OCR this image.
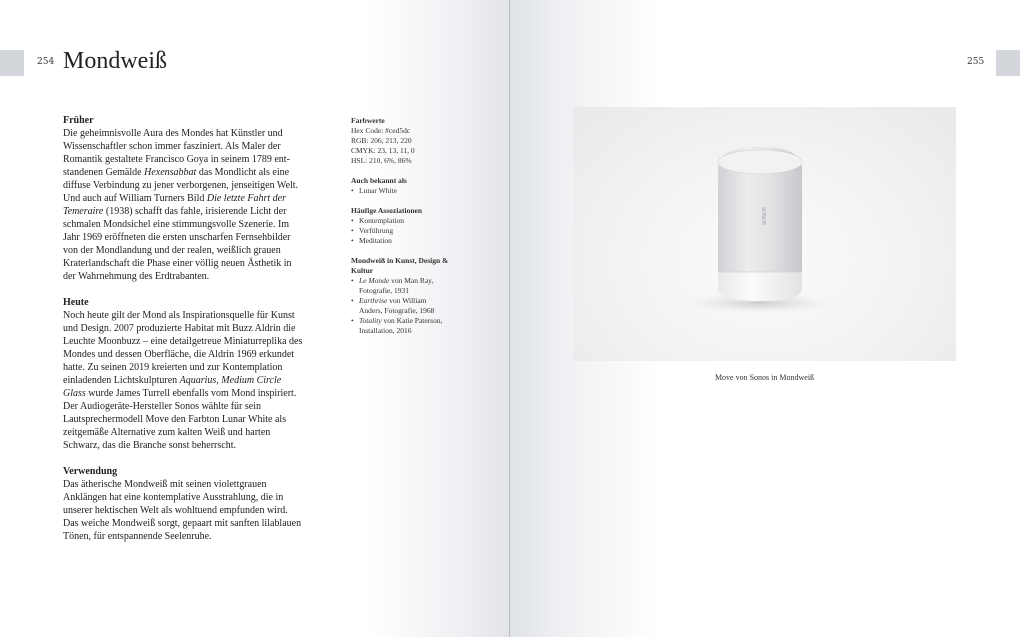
254	255
Mondweiß
Früher

Die geheimnisvolle Aura des Mondes hat Künstler und Wissenschaftler schon immer fasziniert. Als Maler der Romantik gestaltete Francisco Goya in seinem 1789 entstandenen Gemälde Hexensabbat das Mondlicht als eine diffuse Verbindung zu jener verborgenen, jenseitigen Welt. Und auch auf William Turners Bild Die letzte Fahrt der Temeraire (1938) schafft das fahle, irisierende Licht der schmalen Mondsichel eine stimmungsvolle Szenerie. Im Jahr 1969 eröffneten die ersten unscharfen Fernsehbilder von der Mondlandung und der realen, weißlich grauen Kraterlandschaft die Phase einer völlig neuen Ästhetik in der Wahrnehmung des Erdtrabanten.

Heute

Noch heute gilt der Mond als Inspirationsquelle für Kunst und Design. 2007 produzierte Habitat mit Buzz Aldrin die Leuchte Moonbuzz – eine detailgetreue Miniaturreplika des Mondes und dessen Oberfläche, die Aldrin 1969 erkundet hatte. Zu seinen 2019 kreierten und zur Kontemplation einladenden Lichtskulpturen Aquarius, Medium Circle Glass wurde James Turrell ebenfalls vom Mond inspiriert. Der Audiogeräte-Hersteller Sonos wählte für sein Lautsprechermodell Move den Farbton Lunar White als zeitgemäße Alternative zum kalten Weiß und harten Schwarz, das die Branche sonst beherrscht.

Verwendung

Das ätherische Mondweiß mit seinen violettgrauen Anklängen hat eine kontemplative Ausstrahlung, die in unserer hektischen Welt als wohltuend empfunden wird. Das weiche Mondweiß sorgt, gepaart mit sanften lilablauen Tönen, für entspannende Seelenruhe.

Farbwerte
Hex Code: #ced5dc
RGB: 206, 213, 220
CMYK: 23, 13, 11, 0
HSL: 210, 6%, 86%
Auch bekannt als
• Lunar White
Häufige Assoziationen
• Kontemplation
• Verführung
• Meditation
Mondweiß in Kunst, Design & Kultur
• Le Monde von Man Ray, Fotografie, 1931
• Earthrise von William Anders, Fotografie, 1968
• Totality von Katie Paterson, Installation, 2016
SONOS
Move von Sonos in Mondweiß
